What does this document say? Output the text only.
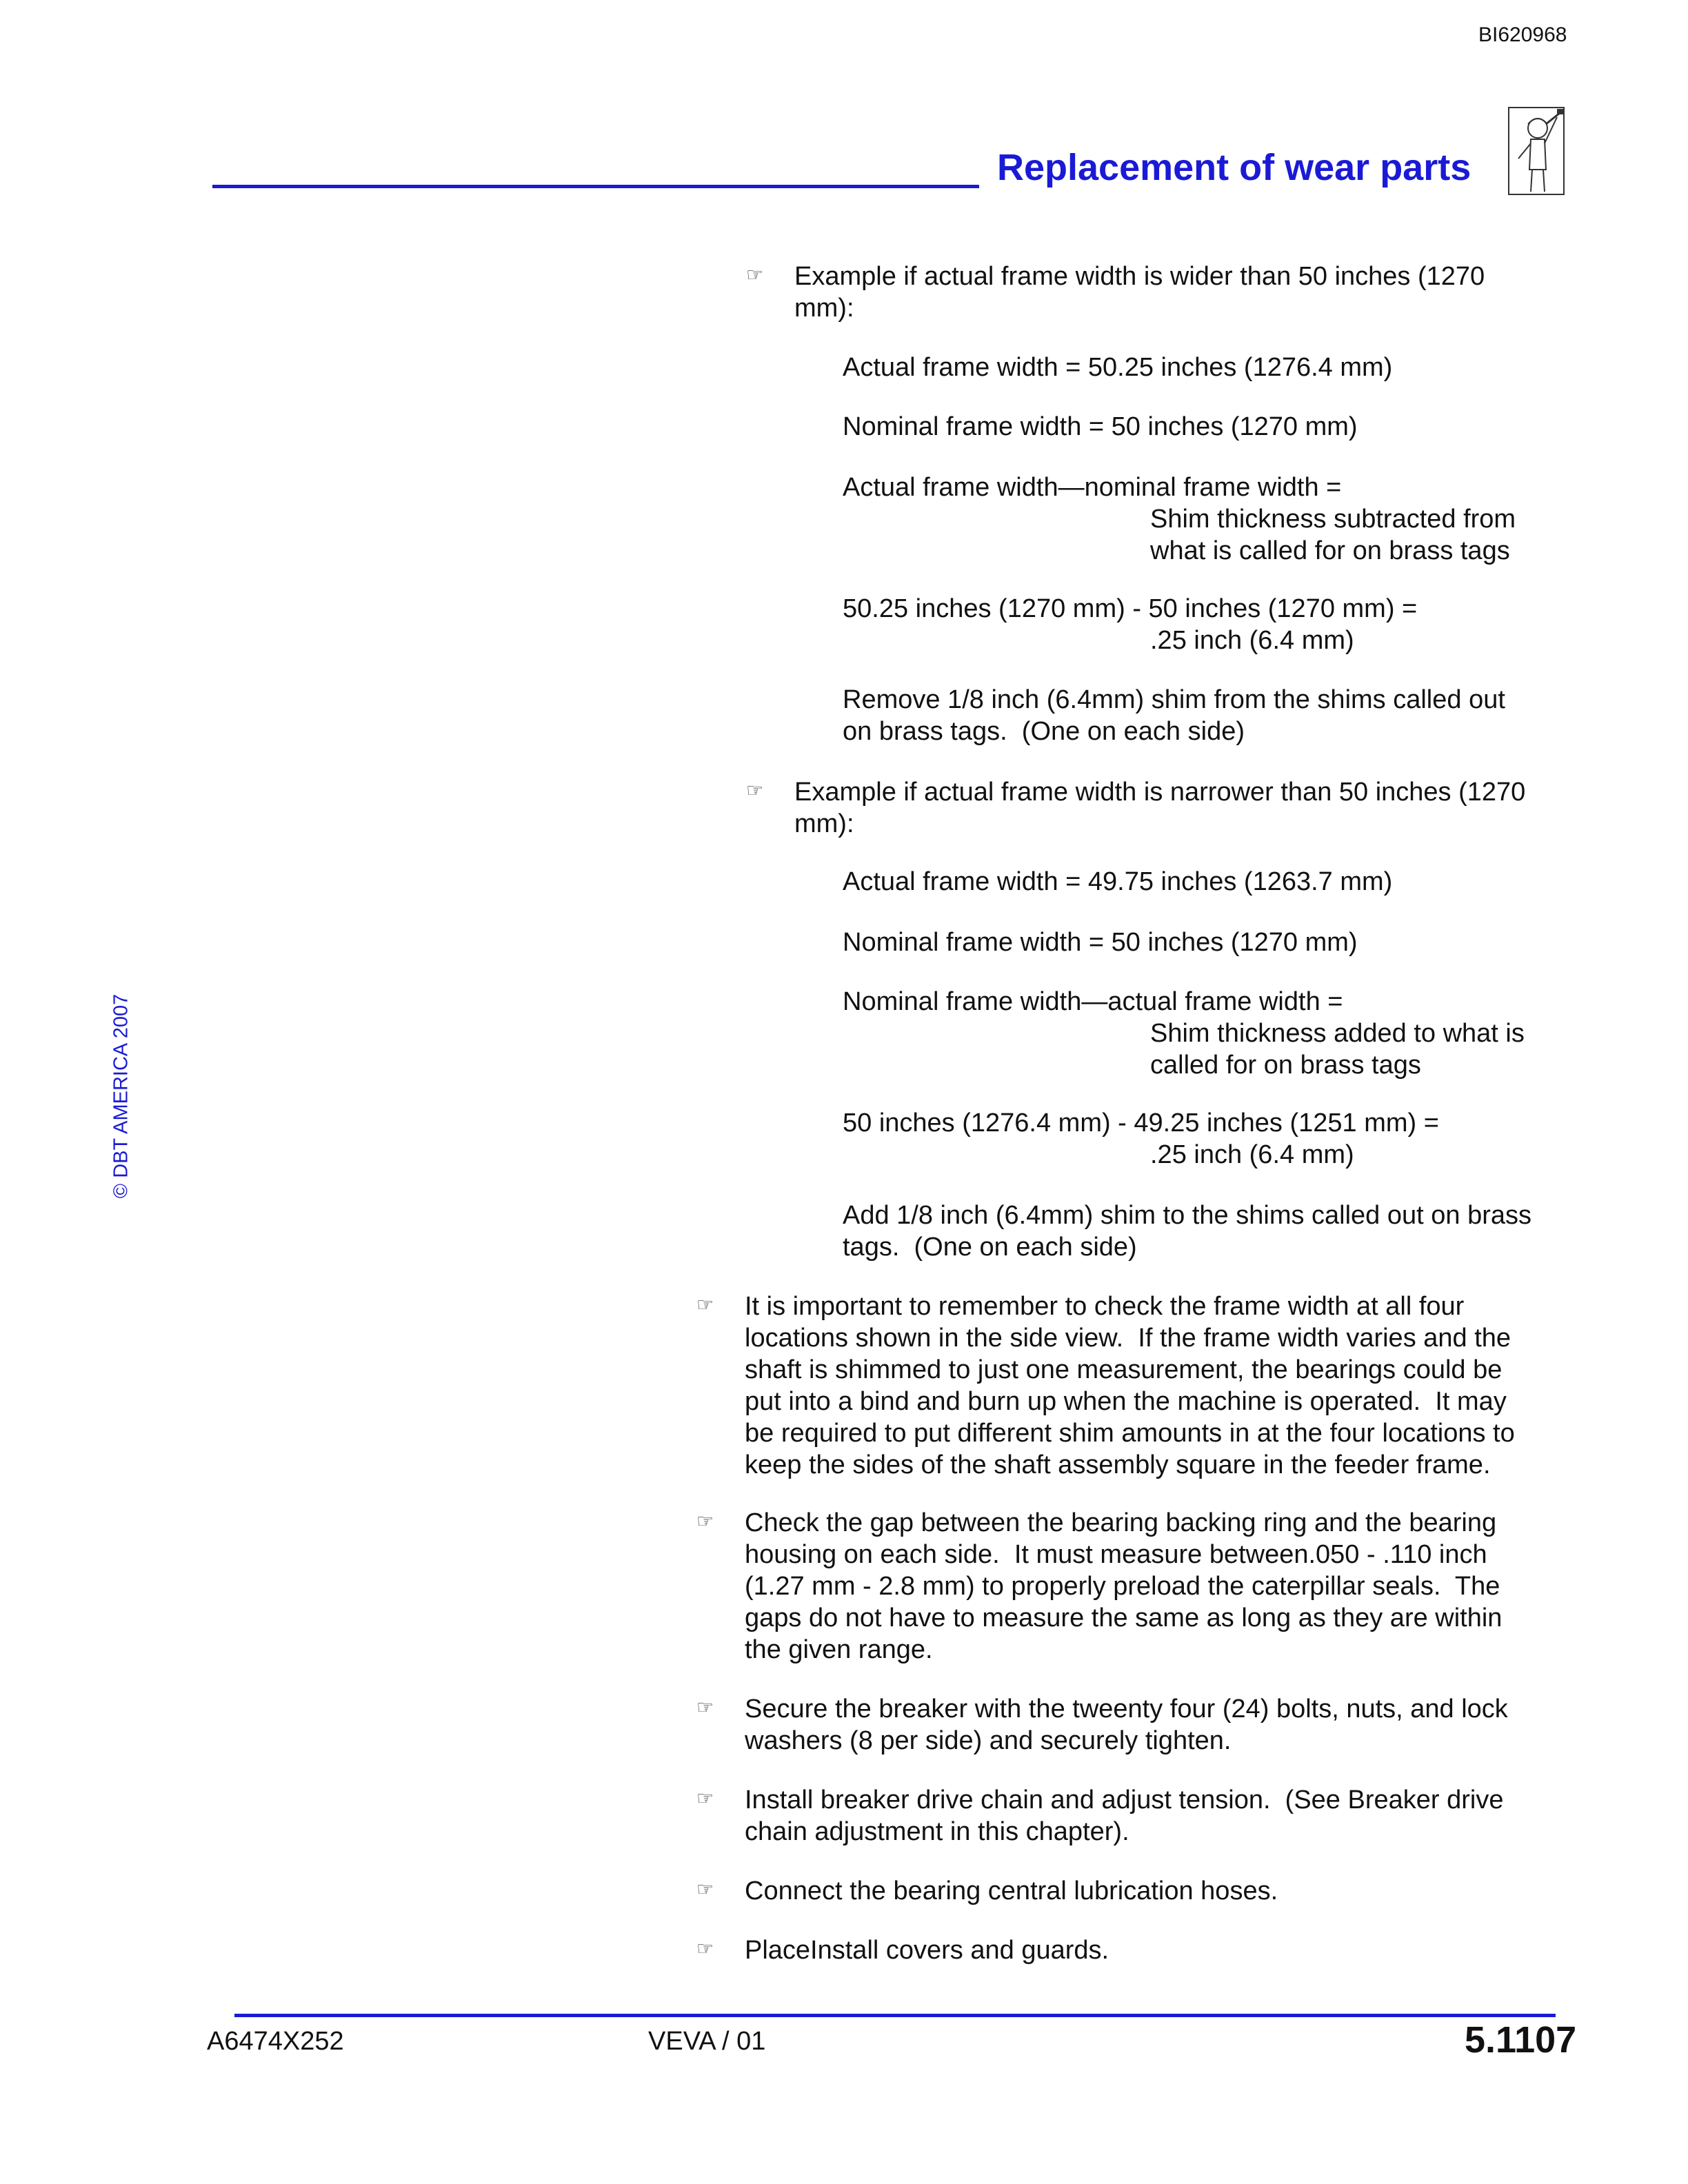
BI620968
Replacement of wear parts
© DBT AMERICA 2007
☞ Example if actual frame width is wider than 50 inches (1270
mm):
Actual frame width = 50.25 inches (1276.4 mm)
Nominal frame width = 50 inches (1270 mm)
Actual frame width—nominal frame width =
Shim thickness subtracted from
what is called for on brass tags
50.25 inches (1270 mm) - 50 inches (1270 mm) =
.25 inch (6.4 mm)
Remove 1/8 inch (6.4mm) shim from the shims called out
on brass tags.  (One on each side)
☞ Example if actual frame width is narrower than 50 inches (1270
mm):
Actual frame width = 49.75 inches (1263.7 mm)
Nominal frame width = 50 inches (1270 mm)
Nominal frame width—actual frame width =
Shim thickness added to what is
called for on brass tags
50 inches (1276.4 mm) - 49.25 inches (1251 mm) =
.25 inch (6.4 mm)
Add 1/8 inch (6.4mm) shim to the shims called out on brass
tags.  (One on each side)
☞ It is important to remember to check the frame width at all four
locations shown in the side view.  If the frame width varies and the
shaft is shimmed to just one measurement, the bearings could be
put into a bind and burn up when the machine is operated.  It may
be required to put different shim amounts in at the four locations to
keep the sides of the shaft assembly square in the feeder frame.
☞ Check the gap between the bearing backing ring and the bearing
housing on each side.  It must measure between.050 - .110 inch
(1.27 mm - 2.8 mm) to properly preload the caterpillar seals.  The
gaps do not have to measure the same as long as they are within
the given range.
☞ Secure the breaker with the tweenty four (24) bolts, nuts, and lock
washers (8 per side) and securely tighten.
☞ Install breaker drive chain and adjust tension.  (See Breaker drive
chain adjustment in this chapter).
☞ Connect the bearing central lubrication hoses.
☞ PlaceInstall covers and guards.
A6474X252	VEVA / 01	5.1107
